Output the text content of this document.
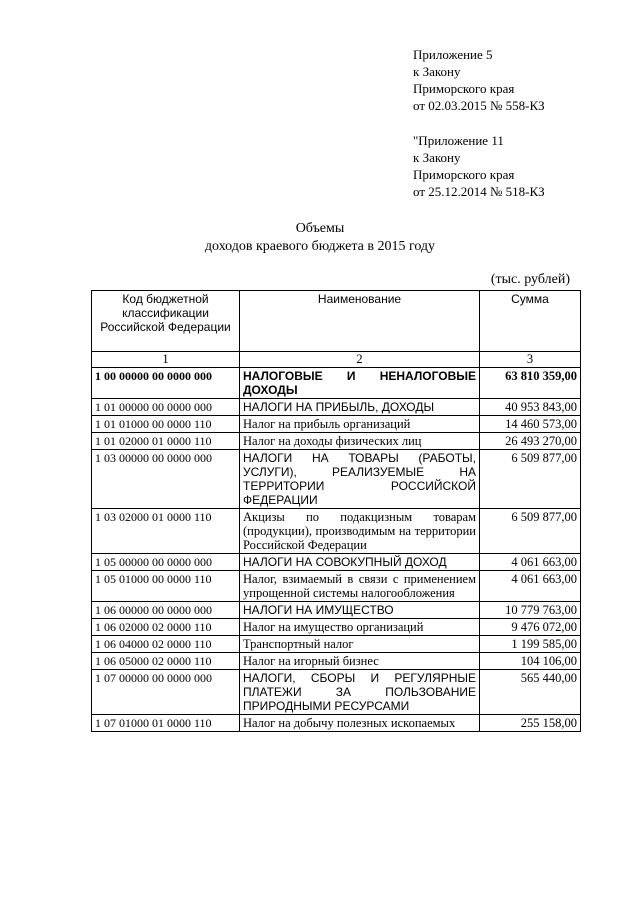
Приложение 5
к Закону
Приморского края
от 02.03.2015 № 558-КЗ
"Приложение 11
к Закону
Приморского края
от 25.12.2014 № 518-КЗ
Объемы
доходов краевого бюджета в 2015 году
(тыс. рублей)
Код бюджетной классификации Российской Федерации	Наименование	Сумма
1	2	3
1 00 00000 00 0000 000	НАЛОГОВЫЕ И НЕНАЛОГОВЫЕ ДОХОДЫ	63 810 359,00
1 01 00000 00 0000 000	НАЛОГИ НА ПРИБЫЛЬ, ДОХОДЫ	40 953 843,00
1 01 01000 00 0000 110	Налог на прибыль организаций	14 460 573,00
1 01 02000 01 0000 110	Налог на доходы физических лиц	26 493 270,00
1 03 00000 00 0000 000	НАЛОГИ НА ТОВАРЫ (РАБОТЫ, УСЛУГИ), РЕАЛИЗУЕМЫЕ НА ТЕРРИТОРИИ РОССИЙСКОЙ ФЕДЕРАЦИИ	6 509 877,00
1 03 02000 01 0000 110	Акцизы по подакцизным товарам (продукции), производимым на территории Российской Федерации	6 509 877,00
1 05 00000 00 0000 000	НАЛОГИ НА СОВОКУПНЫЙ ДОХОД	4 061 663,00
1 05 01000 00 0000 110	Налог, взимаемый в связи с применением упрощенной системы налогообложения	4 061 663,00
1 06 00000 00 0000 000	НАЛОГИ НА ИМУЩЕСТВО	10 779 763,00
1 06 02000 02 0000 110	Налог на имущество организаций	9 476 072,00
1 06 04000 02 0000 110	Транспортный налог	1 199 585,00
1 06 05000 02 0000 110	Налог на игорный бизнес	104 106,00
1 07 00000 00 0000 000	НАЛОГИ, СБОРЫ И РЕГУЛЯРНЫЕ ПЛАТЕЖИ ЗА ПОЛЬЗОВАНИЕ ПРИРОДНЫМИ РЕСУРСАМИ	565 440,00
1 07 01000 01 0000 110	Налог на добычу полезных ископаемых	255 158,00
